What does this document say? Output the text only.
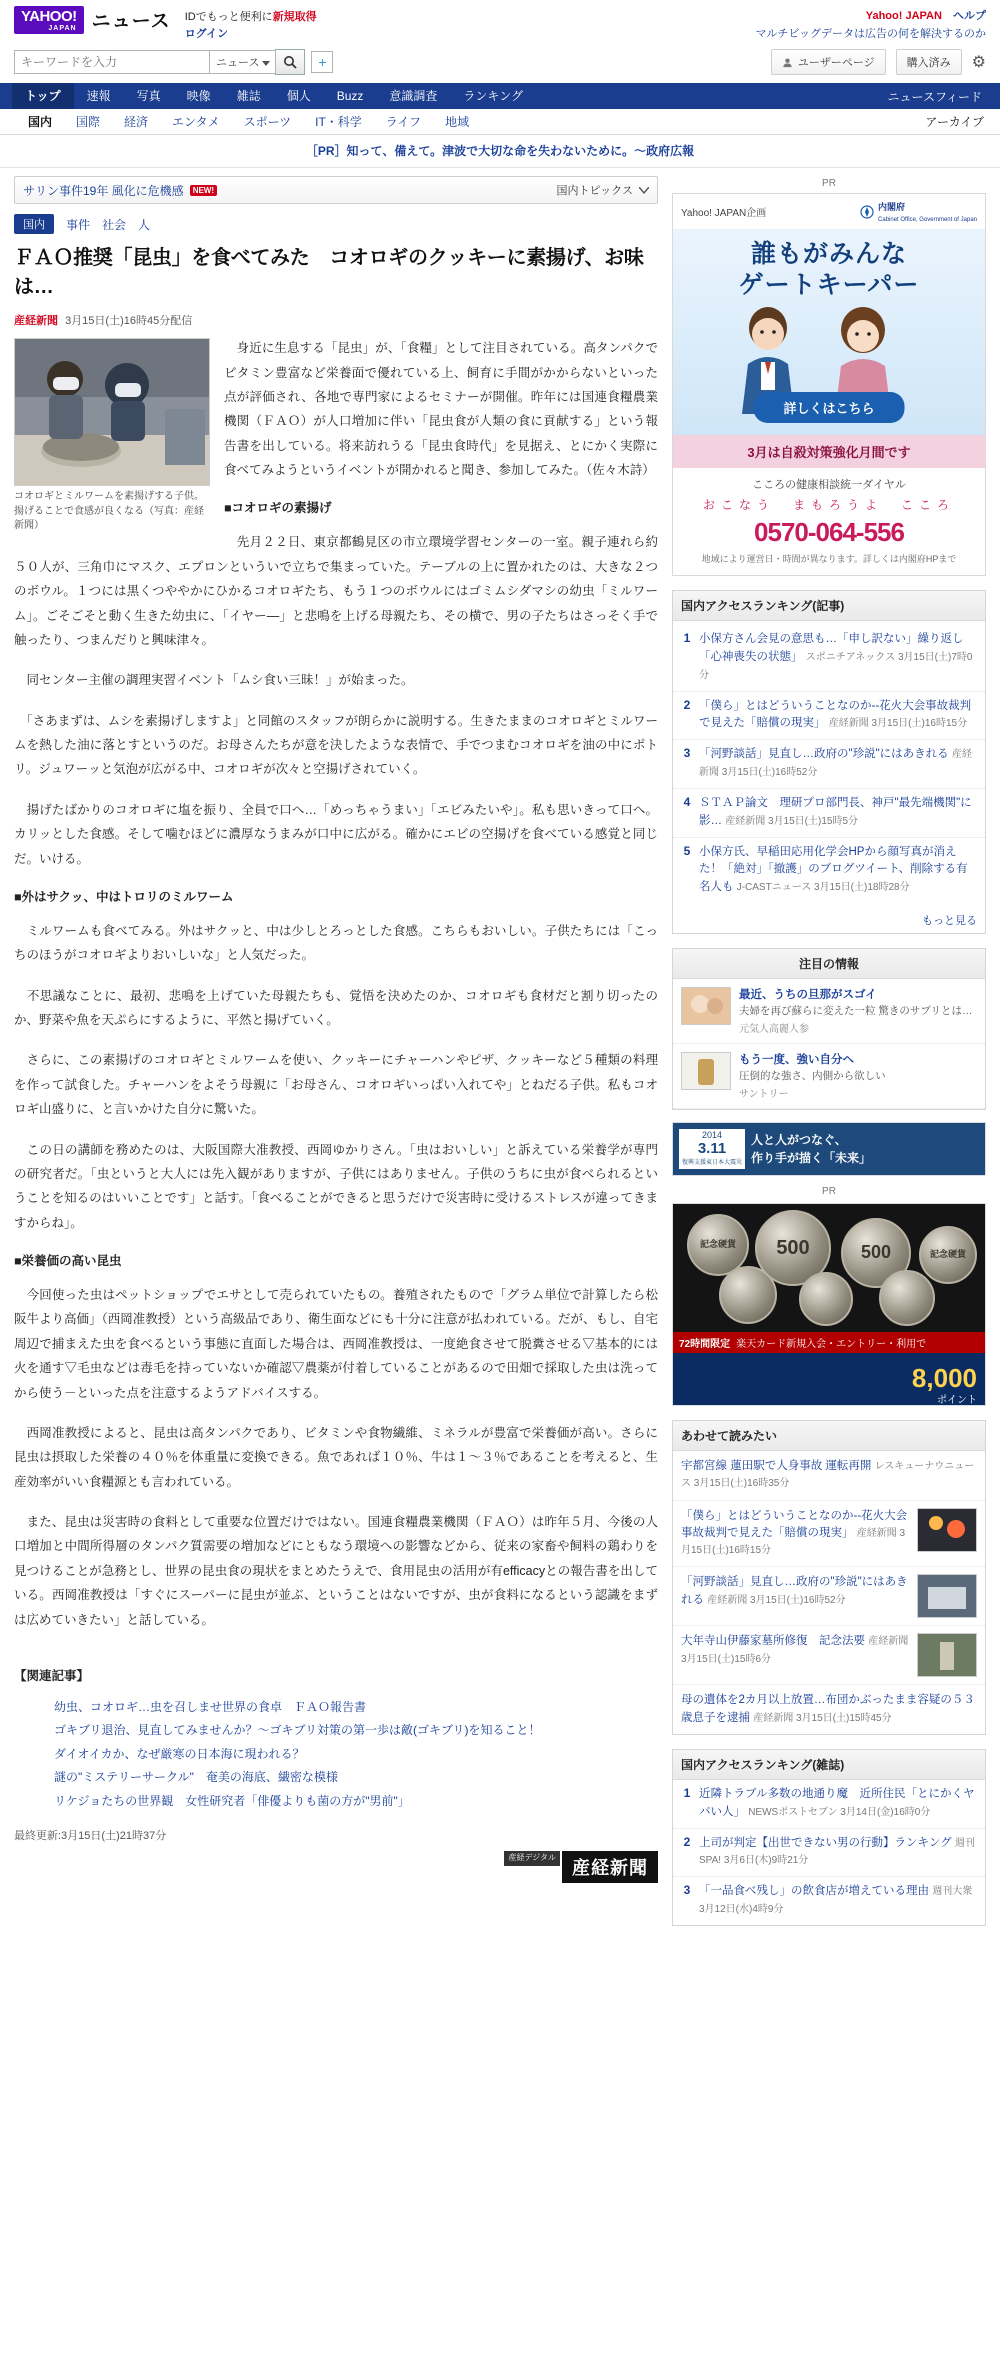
YAHOO!
JAPAN ニュース IDでもっと便利に新規取得
ログイン
Yahoo! JAPAN ヘルプ
マルチビッグデータは広告の何を解決するのか
キーワードを入力
ニュース	+	ユーザーページ	購入済み ⚙
トップ	速報	写真	映像	雑誌	個人	Buzz	意識調査	ランキング	ニュースフィード
国内	国際	経済	エンタメ	スポーツ	IT・科学	ライフ	地域	アーカイブ
［PR］知って、備えて。津波で大切な命を失わないために。～政府広報
サリン事件19年 風化に危機感	NEW!	国内トピックス
国内	事件 社会 人
ＦＡＯ推奨「昆虫」を食べてみた　コオロギのクッキーに素揚げ、お味は…
産経新聞 3月15日(土)16時45分配信
コオロギとミルワームを素揚げする子供。揚げることで食感が良くなる（写真：産経新聞）

　身近に生息する「昆虫」が、「食糧」として注目されている。高タンパクでビタミン豊富など栄養面で優れている上、飼育に手間がかからないといった点が評価され、各地で専門家によるセミナーが開催。昨年には国連食糧農業機関（ＦＡＯ）が人口増加に伴い「昆虫食が人類の食に貢献する」という報告書を出している。将来訪れうる「昆虫食時代」を見据え、とにかく実際に食べてみようというイベントが開かれると聞き、参加してみた。（佐々木詩）

■コオロギの素揚げ

　先月２２日、東京都鶴見区の市立環境学習センターの一室。親子連れら約５０人が、三角巾にマスク、エプロンといういで立ちで集まっていた。テーブルの上に置かれたのは、大きな２つのボウル。１つには黒くつややかにひかるコオロギたち、もう１つのボウルにはゴミムシダマシの幼虫「ミルワーム」。ごそごそと動く生きた幼虫に、「イヤー―」と悲鳴を上げる母親たち、その横で、男の子たちはさっそく手で触ったり、つまんだりと興味津々。

　同センター主催の調理実習イベント「ムシ食い三昧！」が始まった。

　「さあまずは、ムシを素揚げしますよ」と同館のスタッフが朗らかに説明する。生きたままのコオロギとミルワームを熱した油に落とすというのだ。お母さんたちが意を決したような表情で、手でつまむコオロギを油の中にポトリ。ジュワーッと気泡が広がる中、コオロギが次々と空揚げされていく。

　揚げたばかりのコオロギに塩を振り、全員で口へ…「めっちゃうまい」「エビみたいや」。私も思いきって口へ。カリッとした食感。そして噛むほどに濃厚なうまみが口中に広がる。確かにエビの空揚げを食べている感覚と同じだ。いける。

■外はサクッ、中はトロリのミルワーム

　ミルワームも食べてみる。外はサクッと、中は少しとろっとした食感。こちらもおいしい。子供たちには「こっちのほうがコオロギよりおいしいな」と人気だった。

　不思議なことに、最初、悲鳴を上げていた母親たちも、覚悟を決めたのか、コオロギも食材だと割り切ったのか、野菜や魚を天ぷらにするように、平然と揚げていく。

　さらに、この素揚げのコオロギとミルワームを使い、クッキーにチャーハンやピザ、クッキーなど５種類の料理を作って試食した。チャーハンをよそう母親に「お母さん、コオロギいっぱい入れてや」とねだる子供。私もコオロギ山盛りに、と言いかけた自分に驚いた。

　この日の講師を務めたのは、大阪国際大准教授、西岡ゆかりさん。「虫はおいしい」と訴えている栄養学が専門の研究者だ。「虫というと大人には先入観がありますが、子供にはありません。子供のうちに虫が食べられるということを知るのはいいことです」と話す。「食べることができると思うだけで災害時に受けるストレスが違ってきますからね」。

■栄養価の高い昆虫

　今回使った虫はペットショップでエサとして売られていたもの。養殖されたもので「グラム単位で計算したら松阪牛より高価」（西岡准教授）という高級品であり、衛生面などにも十分に注意が払われている。だが、もし、自宅周辺で捕まえた虫を食べるという事態に直面した場合は、西岡准教授は、一度絶食させて脱糞させる▽基本的には火を通す▽毛虫などは毒毛を持っていないか確認▽農薬が付着していることがあるので田畑で採取した虫は洗ってから使う－といった点を注意するようアドバイスする。

　西岡准教授によると、昆虫は高タンパクであり、ビタミンや食物繊維、ミネラルが豊富で栄養価が高い。さらに昆虫は摂取した栄養の４０％を体重量に変換できる。魚であれば１０％、牛は１～３％であることを考えると、生産効率がいい食糧源とも言われている。

　また、昆虫は災害時の食料として重要な位置だけではない。国連食糧農業機関（ＦＡＯ）は昨年５月、今後の人口増加と中間所得層のタンパク質需要の増加などにともなう環境への影響などから、従来の家畜や飼料の鶏わりを見つけることが急務とし、世界の昆虫食の現状をまとめたうえで、食用昆虫の活用が有efficacyとの報告書を出している。西岡准教授は「すぐにスーパーに昆虫が並ぶ、ということはないですが、虫が食料になるという認識をまずは広めていきたい」と話している。

【関連記事】
幼虫、コオロギ…虫を召しませ世界の食卓　ＦＡＯ報告書
ゴキブリ退治、見直してみませんか？～ゴキブリ対策の第一歩は敵(ゴキブリ)を知ること！
ダイオイカか、なぜ厳寒の日本海に現われる？
謎の"ミステリーサークル"　奄美の海底、繊密な模様
リケジョたちの世界観　女性研究者「俳優よりも菌の方が"男前"」
最終更新:3月15日(土)21時37分
産経デジタル産経新聞
PR
Yahoo! JAPAN企画
内閣府
Cabinet Office, Government of Japan
誰もがみんな
ゲートキーパー
詳しくはこちら
3月は自殺対策強化月間です
こころの健康相談統一ダイヤル
おこなう　まもろうよ　こころ
0570-064-556
地域により運営日・時間が異なります。詳しくは内閣府HPまで
国内アクセスランキング(記事)
1 小保方さん会見の意思も…「申し訳ない」繰り返し「心神喪失の状態」 スポニチアネックス 3月15日(土)7時0分
2 「僕ら」とはどういうことなのか--花火大会事故裁判で見えた「賠償の現実」 産経新聞 3月15日(土)16時15分
3 「河野談話」見直し…政府の"珍説"にはあきれる 産経新聞 3月15日(土)16時52分
4 ＳＴＡＰ論文　理研プロ部門長、神戸"最先端機関"に影… 産経新聞 3月15日(土)15時5分
5 小保方氏、早稲田応用化学会HPから顔写真が消えた！「絶対」「撤護」のブログツイート、削除する有名人も J-CASTニュース 3月15日(土)18時28分
もっと見る
注目の情報
最近、うちの旦那がスゴイ
夫婦を再び蘇らに変えた一粒 驚きのサプリとは…
元気人高麗人参
もう一度、強い自分へ
圧倒的な強さ、内側から欲しい
サントリー
2014
3.11
復興支援東日本大震災
人と人がつなぐ、
作り手が描く「未来」
PR
記念硬貨	500	500	記念硬貨
72時間限定 楽天カード新規入会・エントリー・利用で
8,000
ポイント
あわせて読みたい
宇都宮線 蓮田駅で人身事故 運転再開 レスキューナウニュース 3月15日(土)16時35分
「僕ら」とはどういうことなのか--花火大会事故裁判で見えた「賠償の現実」 産経新聞 3月15日(土)16時15分
「河野談話」見直し…政府の"珍説"にはあきれる 産経新聞 3月15日(土)16時52分
大年寺山伊藤家墓所修復　記念法要 産経新聞 3月15日(土)15時6分
母の遺体を2カ月以上放置…布団かぶったまま容疑の５３歳息子を逮捕 産経新聞 3月15日(土)15時45分
国内アクセスランキング(雑誌)
1 近隣トラブル多数の地通り魔　近所住民「とにかくヤバい人」 NEWSポストセブン 3月14日(金)16時0分
2 上司が判定【出世できない男の行動】ランキング 週刊SPA! 3月6日(木)9時21分
3 「一品食べ残し」の飲食店が増えている理由 週刊大衆 3月12日(水)4時9分
